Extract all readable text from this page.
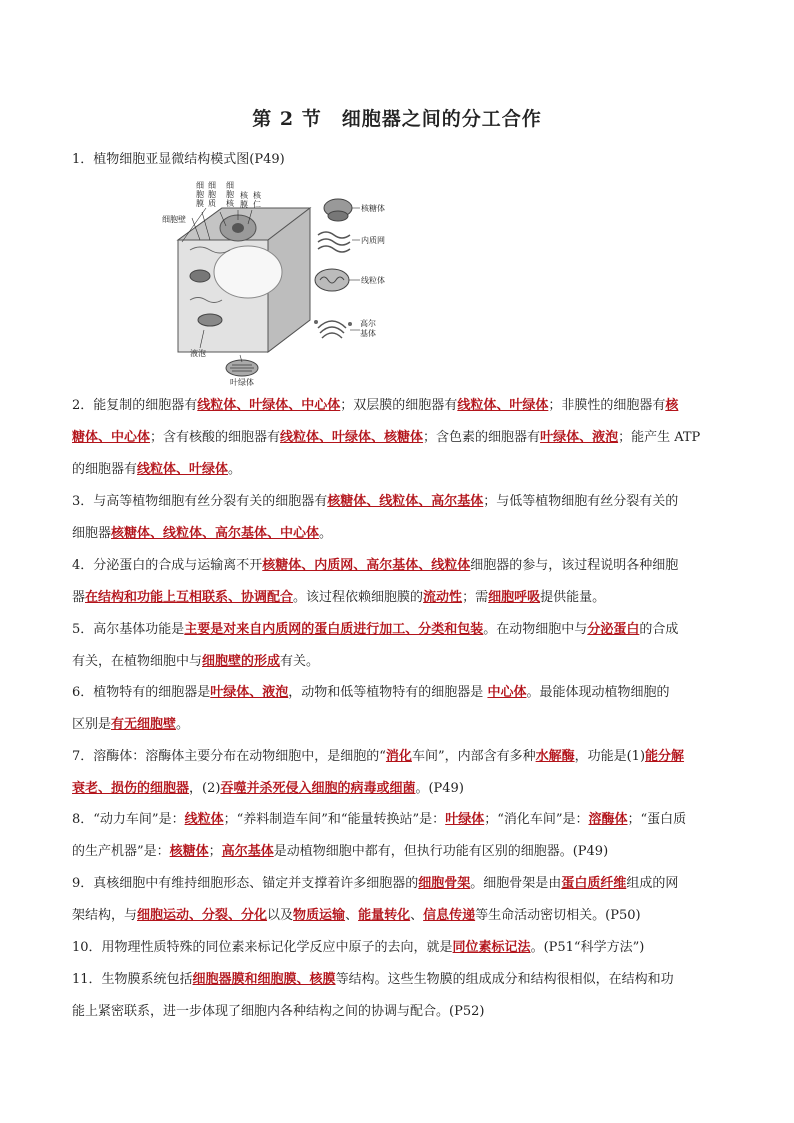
第 2 节　细胞器之间的分工合作
1．植物细胞亚显微结构模式图(P49)
细胞壁
细胞膜
细胞质
细胞核
核膜
核仁	核糖体
内质网
线粒体
高尔基体
液泡
叶绿体
2．能复制的细胞器有线粒体、叶绿体、中心体；双层膜的细胞器有线粒体、叶绿体；非膜性的细胞器有核
糖体、中心体；含有核酸的细胞器有线粒体、叶绿体、核糖体；含色素的细胞器有叶绿体、液泡；能产生 ATP
的细胞器有线粒体、叶绿体。
3．与高等植物细胞有丝分裂有关的细胞器有核糖体、线粒体、高尔基体；与低等植物细胞有丝分裂有关的
细胞器核糖体、线粒体、高尔基体、中心体。
4．分泌蛋白的合成与运输离不开核糖体、内质网、高尔基体、线粒体细胞器的参与，该过程说明各种细胞
器在结构和功能上互相联系、协调配合。该过程依赖细胞膜的流动性；需细胞呼吸提供能量。
5．高尔基体功能是主要是对来自内质网的蛋白质进行加工、分类和包装。在动物细胞中与分泌蛋白的合成
有关，在植物细胞中与细胞壁的形成有关。
6．植物特有的细胞器是叶绿体、液泡，动物和低等植物特有的细胞器是 中心体。最能体现动植物细胞的
区别是有无细胞壁。
7．溶酶体：溶酶体主要分布在动物细胞中，是细胞的“消化车间”，内部含有多种水解酶，功能是(1)能分解
衰老、损伤的细胞器，(2)吞噬并杀死侵入细胞的病毒或细菌。(P49)
8．“动力车间”是：线粒体；“养料制造车间”和“能量转换站”是：叶绿体；“消化车间”是：溶酶体；“蛋白质
的生产机器”是：核糖体；高尔基体是动植物细胞中都有，但执行功能有区别的细胞器。(P49)
9．真核细胞中有维持细胞形态、锚定并支撑着许多细胞器的细胞骨架。细胞骨架是由蛋白质纤维组成的网
架结构，与细胞运动、分裂、分化以及物质运输、能量转化、信息传递等生命活动密切相关。(P50)
10．用物理性质特殊的同位素来标记化学反应中原子的去向，就是同位素标记法。(P51“科学方法”)
11．生物膜系统包括细胞器膜和细胞膜、核膜等结构。这些生物膜的组成成分和结构很相似，在结构和功
能上紧密联系，进一步体现了细胞内各种结构之间的协调与配合。(P52)
